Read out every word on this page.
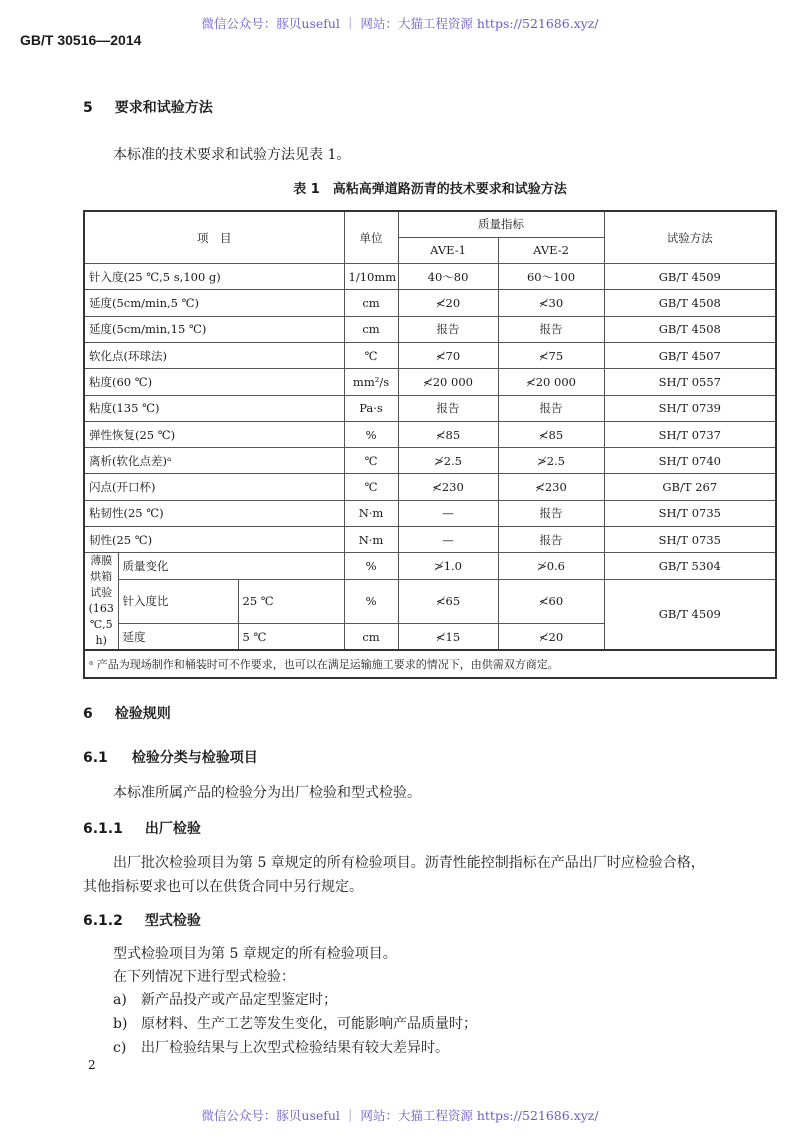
微信公众号：豚贝useful ｜ 网站：大猫工程资源 https://521686.xyz/
GB/T 30516—2014
5 要求和试验方法
本标准的技术要求和试验方法见表 1。
表 1　高粘高弹道路沥青的技术要求和试验方法
项　目			单位	质量指标		试验方法
				AVE-1	AVE-2	
针入度(25 ℃,5 s,100 g)			1/10mm	40～80	60～100	GB/T 4509
延度(5cm/min,5 ℃)			cm	≮20	≮30	GB/T 4508
延度(5cm/min,15 ℃)			cm	报告	报告	GB/T 4508
软化点(环球法)			℃	≮70	≮75	GB/T 4507
粘度(60 ℃)			mm²/s	≮20 000	≮20 000	SH/T 0557
粘度(135 ℃)			Pa·s	报告	报告	SH/T 0739
弹性恢复(25 ℃)			%	≮85	≮85	SH/T 0737
离析(软化点差)ᵃ			℃	≯2.5	≯2.5	SH/T 0740
闪点(开口杯)			℃	≮230	≮230	GB/T 267
粘韧性(25 ℃)			N·m	—	报告	SH/T 0735
韧性(25 ℃)			N·m	—	报告	SH/T 0735
薄膜烘箱试验(163 ℃,5 h)	质量变化		%	≯1.0	≯0.6	GB/T 5304
	针入度比	25 ℃	%	≮65	≮60	GB/T 4509
	延度	5 ℃	cm	≮15	≮20	
ᵃ 产品为现场制作和桶装时可不作要求，也可以在满足运输施工要求的情况下，由供需双方商定。						
6 检验规则
6.1 检验分类与检验项目
本标准所属产品的检验分为出厂检验和型式检验。
6.1.1 出厂检验
出厂批次检验项目为第 5 章规定的所有检验项目。沥青性能控制指标在产品出厂时应检验合格，
其他指标要求也可以在供货合同中另行规定。
6.1.2 型式检验
型式检验项目为第 5 章规定的所有检验项目。
在下列情况下进行型式检验：
a) 新产品投产或产品定型鉴定时；
b) 原材料、生产工艺等发生变化，可能影响产品质量时；
c) 出厂检验结果与上次型式检验结果有较大差异时。
2
微信公众号：豚贝useful ｜ 网站：大猫工程资源 https://521686.xyz/
